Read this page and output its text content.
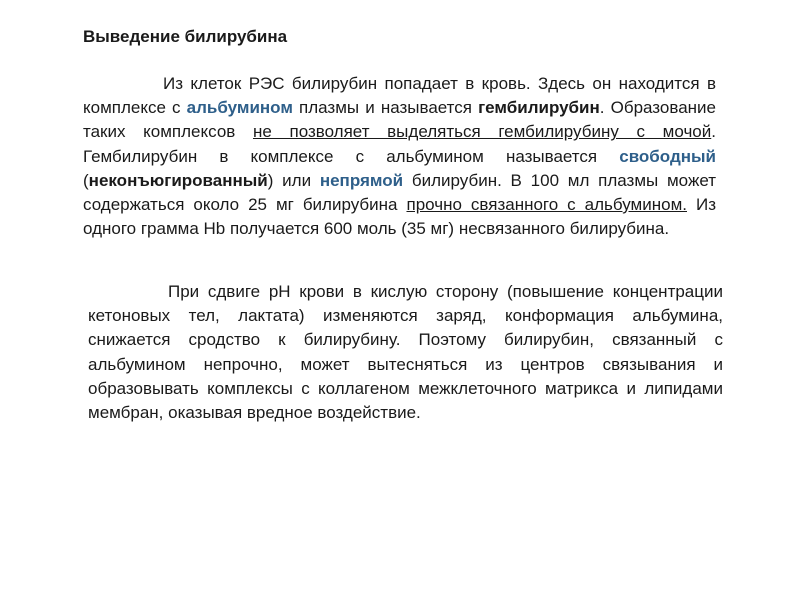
Выведение билирубина

Из клеток РЭС билирубин попадает в кровь. Здесь он находится в комплексе с альбумином плазмы и называется гембилирубин. Образование таких комплексов не позволяет выделяться гембилирубину с мочой. Гембилирубин в комплексе с альбумином называется свободный (неконъюгированный) или непрямой билирубин. В 100 мл плазмы может содержаться около 25 мг билирубина прочно связанного с альбумином. Из одного грамма Hb получается 600 моль (35 мг) несвязанного билирубина.

При сдвиге рН крови в кислую сторону (повышение концентрации кетоновых тел, лактата) изменяются заряд, конформация альбумина, снижается сродство к билирубину. Поэтому билирубин, связанный с альбумином непрочно, может вытесняться из центров связывания и образовывать комплексы с коллагеном межклеточного матрикса и липидами мембран, оказывая вредное воздействие.
